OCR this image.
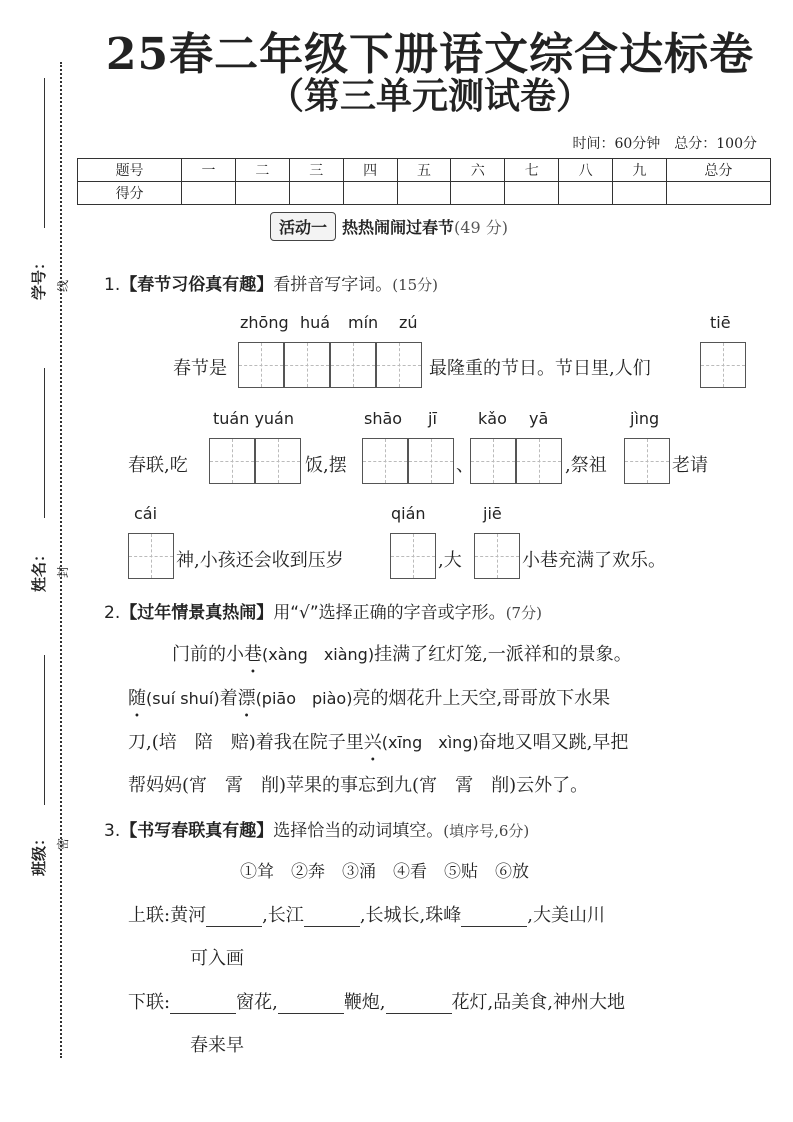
25春二年级下册语文综合达标卷
（第三单元测试卷）
时间：60分钟　总分：100分
题号	一	二	三	四	五	六	七	八	九	总分
得分										
学号： 线
姓名： 封
班级： 密
活动一 热热闹闹过春节(49 分)
1.【春节习俗真有趣】看拼音写字词。(15分)
zhōng huá mín zú	tiē
春节是	最隆重的节日。节日里,人们
tuán yuán	shāo jī	kǎo yā	jìng
春联,吃	饭,摆	、	,祭祖	老请
cái	qián	jiē
神,小孩还会收到压岁	,大	小巷充满了欢乐。
2.【过年情景真热闹】用“√”选择正确的字音或字形。(7分)
门前的小巷(xàng　xiàng)挂满了红灯笼,一派祥和的景象。
随(suí shuí)着漂(piāo　piào)亮的烟花升上天空,哥哥放下水果
刀,(培　陪　赔)着我在院子里兴(xīng　xìng)奋地又唱又跳,早把
帮妈妈(宵　霄　削)苹果的事忘到九(宵　霄　削)云外了。
3.【书写春联真有趣】选择恰当的动词填空。(填序号,6分)
①耸　②奔　③涌　④看　⑤贴　⑥放
上联:黄河	,长江	,长城长,珠峰	,大美山川
可入画
下联:	窗花,	鞭炮,	花灯,品美食,神州大地
春来早
